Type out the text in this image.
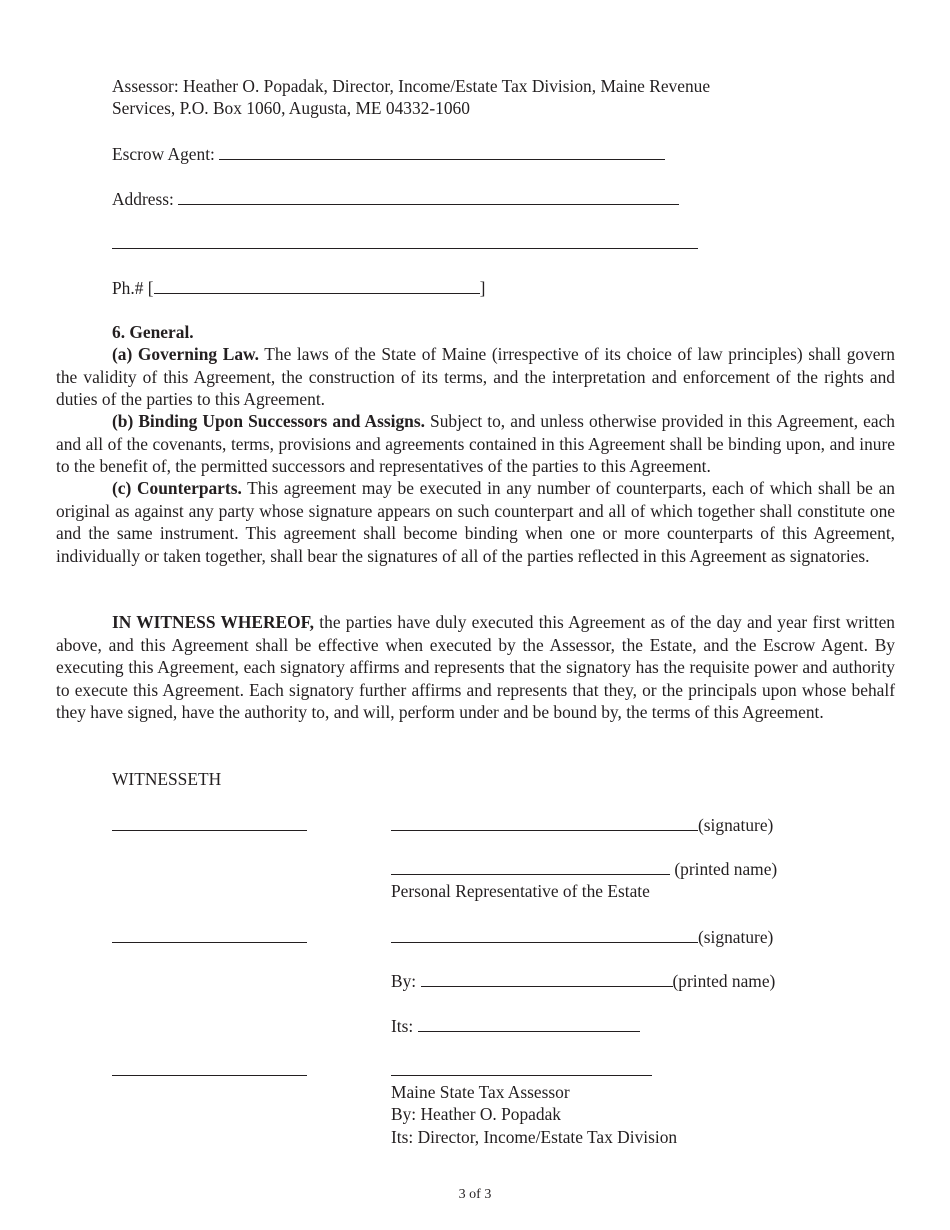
Assessor: Heather O. Popadak, Director, Income/Estate Tax Division, Maine Revenue
Services, P.O. Box 1060, Augusta, ME 04332-1060
Escrow Agent:
Address:
Ph.# [	]
6. General.
(a) Governing Law. The laws of the State of Maine (irrespective of its choice of law principles) shall govern the validity of this Agreement, the construction of its terms, and the interpretation and enforcement of the rights and duties of the parties to this Agreement.
(b) Binding Upon Successors and Assigns. Subject to, and unless otherwise provided in this Agreement, each and all of the covenants, terms, provisions and agreements contained in this Agreement shall be binding upon, and inure to the benefit of, the permitted successors and representatives of the parties to this Agreement.
(c) Counterparts. This agreement may be executed in any number of counterparts, each of which shall be an original as against any party whose signature appears on such counterpart and all of which together shall constitute one and the same instrument. This agreement shall become binding when one or more counterparts of this Agreement, individually or taken together, shall bear the signatures of all of the parties reflected in this Agreement as signatories.
IN WITNESS WHEREOF, the parties have duly executed this Agreement as of the day and year first written above, and this Agreement shall be effective when executed by the Assessor, the Estate, and the Escrow Agent. By executing this Agreement, each signatory affirms and represents that the signatory has the requisite power and authority to execute this Agreement. Each signatory further affirms and represents that they, or the principals upon whose behalf they have signed, have the authority to, and will, perform under and be bound by, the terms of this Agreement.
WITNESSETH
(signature)
(printed name)
Personal Representative of the Estate
(signature)
By:	(printed name)
Its:
Maine State Tax Assessor
By: Heather O. Popadak
Its: Director, Income/Estate Tax Division
3 of 3
